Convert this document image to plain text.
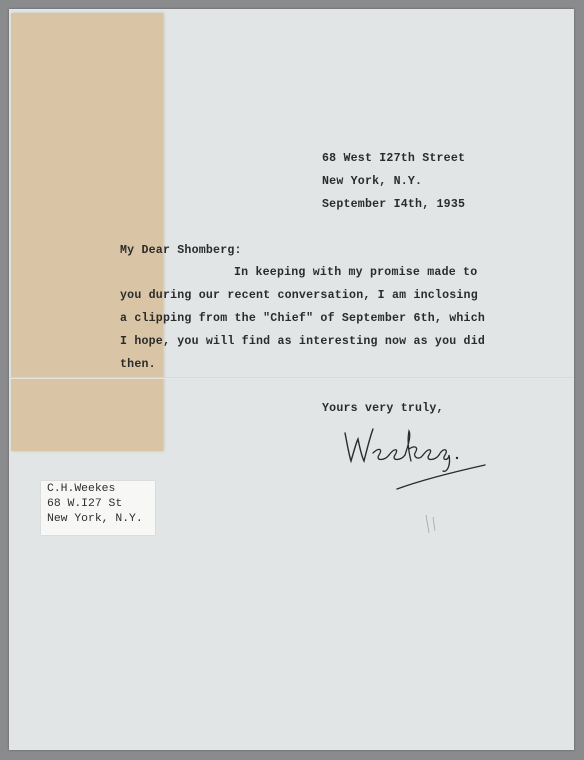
68 West I27th Street
New York, N.Y.
September I4th, 1935
My Dear Shomberg:
In keeping with my promise made to
you during our recent conversation, I am inclosing
a clipping from the "Chief" of September 6th, which
I hope, you will find as interesting now as you did
then.
Yours very truly,
C.H.Weekes
68 W.I27 St
New York, N.Y.
